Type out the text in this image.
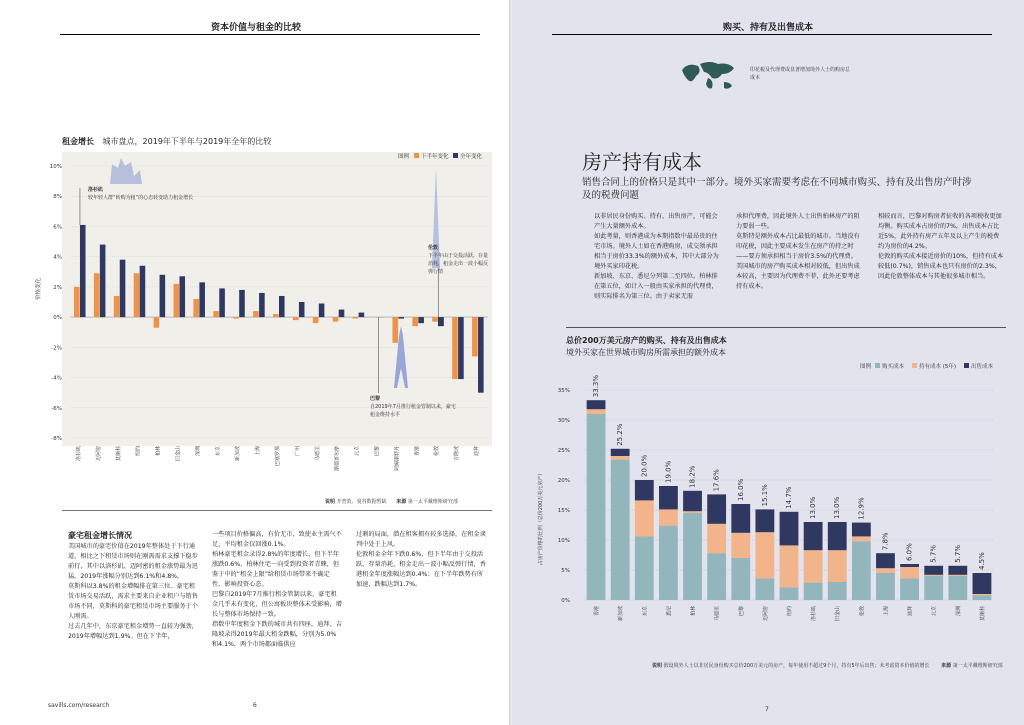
资本价值与租金的比较
租金增长 城市盘点，2019年下半年与2019年全年的比较
10%
8%
6%
4%
2%
0%
-2%
-4%
-6%
-8%
洛杉矶	迈阿密	莫斯科	纽约	柏林	旧金山	深圳	东京	新加坡	上海	巴塞罗那	广州	马德里	斯德哥尔摩	北京	巴黎	阿姆斯特丹	香港	伦敦	吉隆坡	迪拜
图例 下半年变化 全年变化
价格变化
洛杉矶
较年轻人群“转购为租”的心态转变助力租金增长
伦敦
下半年由于交投活跃，存量消耗，租金走出一波小幅反弹行情
巴黎
自2019年7月推行租金管制以来，豪宅租金维持水平
说明 开普敦、曼谷数据暂缺 来源 第一太平戴维斯研究部
豪宅租金增长情况
美国城市的豪宅价值在2019年整体处于下行通道，相比之下租赁市场则在刚需需求支撑下稳步前行，其中以洛杉矶、迈阿密的租金涨势最为迅猛，2019年涨幅分别达到6.1%和4.8%。
莫斯科以3.8%的租金增幅排在第三位。豪宅租赁市场交易活跃，需求主要来自企业租户与销售市场不同，莫斯科的豪宅租赁市场主要服务于个人刚需。
过去几年中，东京豪宅租金增势一直较为强劲，2019年增幅达到1.9%。但在下半年，
一些项目价格偏高，有价无市，致使业主需气不足，平均租金仅回涨0.1%。
柏林豪宅租金录得2.8%的年度增长，但下半年涨跌0.6%，柏林住宅一向受到投资者青睐，但鉴于中的“租金上限”给租赁市场带来不确定性，影响投资心态。
巴黎自2019年7月推行租金管制以来，豪宅租金几乎未有变化，但公寓板块整体未受影响，增长与整体市场保持一致。
指数中年度租金下跌的城市共有四座，迪拜、吉隆坡录得2019年最大租金跌幅，分别为5.0%和4.1%，两个市场都面临供应
过剩的局面，潜在租客拥有较多选择，在租金谈判中处于上风。
伦敦租金全年下跌0.6%，但下半年由于交投活跃，存量消耗，租金走出一波小幅反弹行情，香港租金年度涨幅达到0.4%；在下半年跌势有所加速，跌幅达到1.7%。
savills.com/research	6
购买、持有及出售成本
印花税及代理费或显著增加境外人士的购房总成本
房产持有成本
销售合同上的价格只是其中一部分。境外买家需要考虑在不同城市购买、持有及出售房产时涉及的税费问题
以非居民身份购买、持有、出售房产，可能会产生大量额外成本。
如此考量，则香港成为本期指数中最昂贵的住宅市场。境外人士如在香港购房，成交须承担相当于房价33.3%的额外成本，其中大部分为境外买家印花税。
新加坡、东京、悉尼分列第二至四位。柏林排在第五位，如计入一般由买家承担的代理费，则实际排名为第三位。由于卖家无需
承担代理费，因此境外人士出售柏林房产的阻力要弱一些。
莫斯特是额外成本占比最低的城市。当地没有印花税，因此主要成本发生在房产的持之时——要方须承担相当于房价3.5%的代理费。
美国城市的房产购买成本相对较低，但出售成本较高，主要因为代理费不菲，此外还要考虑持有成本。
相较而言，巴黎对购房者征收的各项税收更加均衡。购买成本占房价的7%，出售成本占比近5%，此外持有房产五年及以上产生的税费约为房价的4.2%。
伦敦的购买成本接近房价的10%，但持有成本较低(0.7%)，销售成本也只有房价的2.3%，因此伦敦整体成本与其他很多城市相当。
总价200万美元房产的购买、持有及出售成本
境外买家在世界城市购房所需承担的额外成本
图例 购买成本	持有成本 (5年)	出售成本
占房产价格的比例（总价200万美元房产）
35%
30%
25%
20%
15%
10%
5%
0%
33.3%
香港
25.2%
新加坡
20.0%
东京
19.0%
悉尼
18.2%
柏林
17.6%
马德里
16.0%
巴黎
15.1%
迈阿密
14.7%
纽约
13.0%
洛杉矶
13.0%
旧金山
12.9%
伦敦
7.8%
上海
6.0%
迪拜
5.7%
北京
5.7%
深圳
4.5%
莫斯科
说明 假设境外人士以非居民身份购买总价200万美元的房产，每年使用不超过9个月，持有5年后出售；未考虑资本价值的增长 来源 第一太平戴维斯研究部
7
